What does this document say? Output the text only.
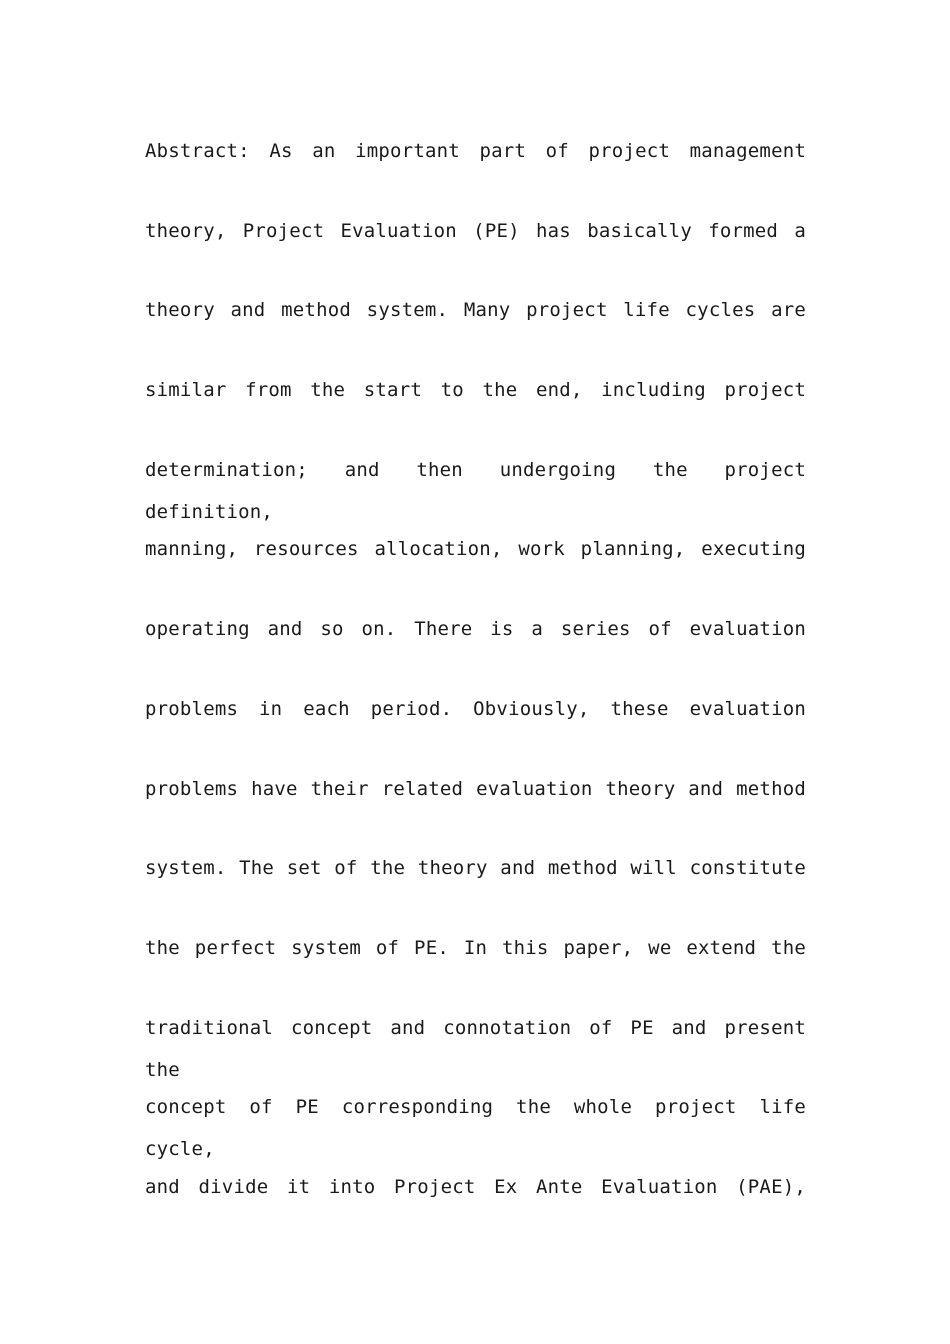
Abstract: As an important part of project management
theory, Project Evaluation (PE) has basically formed a
theory and method system. Many project life cycles are
similar from the start to the end, including project
determination; and then undergoing the project definition,
manning, resources allocation, work planning, executing
operating and so on. There is a series of evaluation
problems in each period. Obviously, these evaluation
problems have their related evaluation theory and method
system. The set of the theory and method will constitute
the perfect system of PE. In this paper, we extend the
traditional concept and connotation of PE and present the
concept of PE corresponding the whole project life cycle,
and divide it into Project Ex Ante Evaluation (PAE),
